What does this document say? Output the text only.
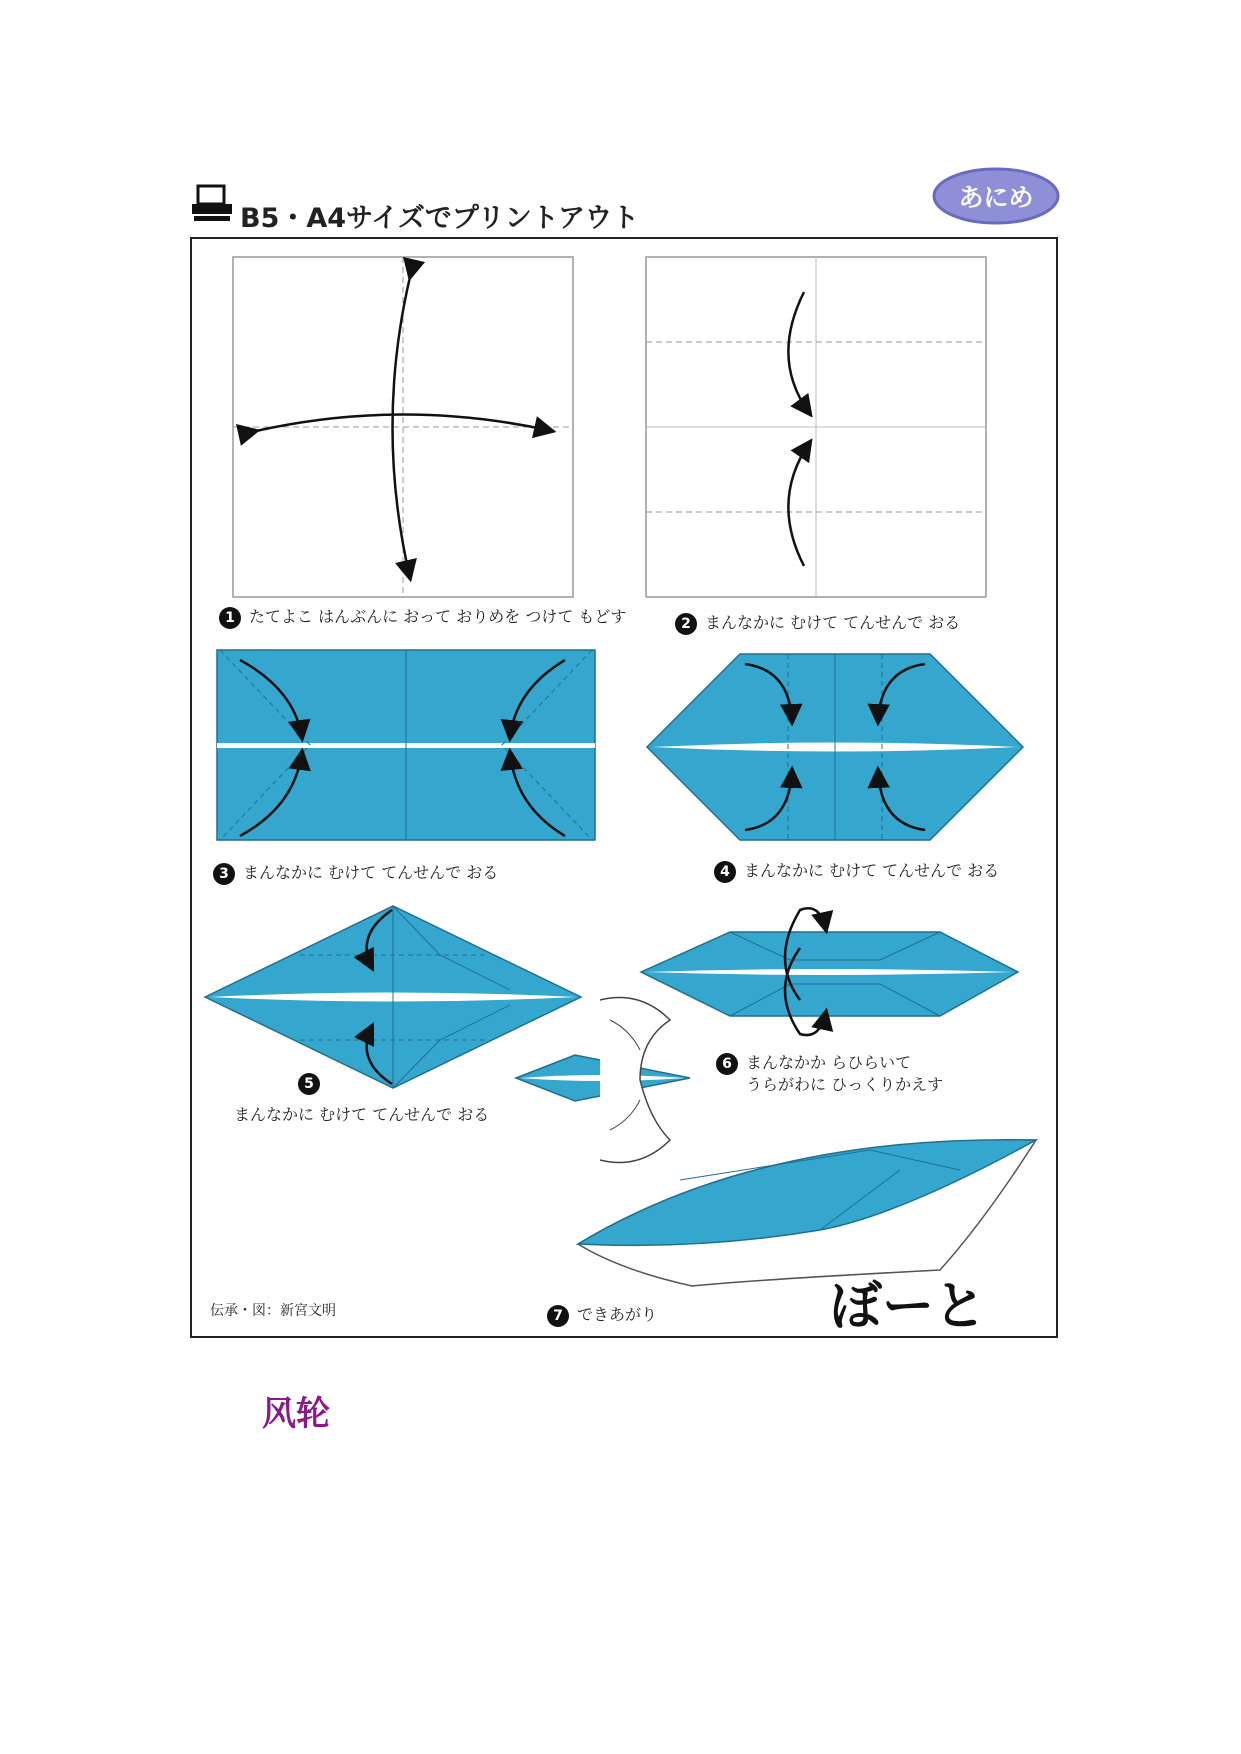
B5・A4サイズでプリントアウト
あにめ
1 たてよこ はんぶんに おって おりめを つけて もどす	2 まんなかに むけて てんせんで おる
3 まんなかに むけて てんせんで おる	4 まんなかに むけて てんせんで おる
5
まんなかに むけて てんせんで おる
6 まんなかか らひらいて
うらがわに ひっくりかえす
7 できあがり
伝承・図：新宮文明	ぼーと
风轮
